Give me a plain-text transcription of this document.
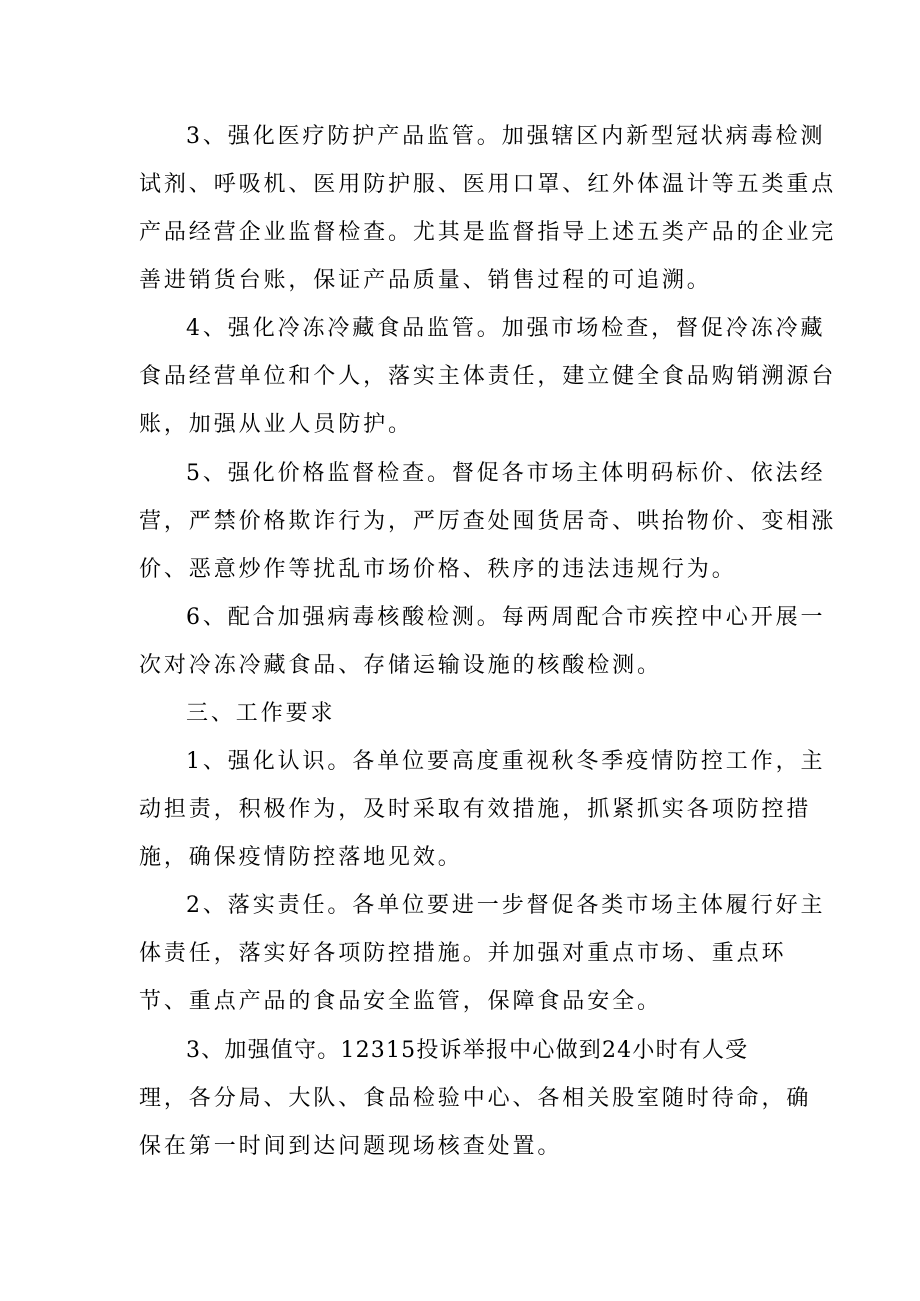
3、强化医疗防护产品监管。加强辖区内新型冠状病毒检测
试剂、呼吸机、医用防护服、医用口罩、红外体温计等五类重点
产品经营企业监督检查。尤其是监督指导上述五类产品的企业完
善进销货台账，保证产品质量、销售过程的可追溯。
4、强化冷冻冷藏食品监管。加强市场检查，督促冷冻冷藏
食品经营单位和个人，落实主体责任，建立健全食品购销溯源台
账，加强从业人员防护。
5、强化价格监督检查。督促各市场主体明码标价、依法经
营，严禁价格欺诈行为，严厉查处囤货居奇、哄抬物价、变相涨
价、恶意炒作等扰乱市场价格、秩序的违法违规行为。
6、配合加强病毒核酸检测。每两周配合市疾控中心开展一
次对冷冻冷藏食品、存储运输设施的核酸检测。
三、工作要求
1、强化认识。各单位要高度重视秋冬季疫情防控工作，主
动担责，积极作为，及时采取有效措施，抓紧抓实各项防控措
施，确保疫情防控落地见效。
2、落实责任。各单位要进一步督促各类市场主体履行好主
体责任，落实好各项防控措施。并加强对重点市场、重点环
节、重点产品的食品安全监管，保障食品安全。
3、加强值守。12315投诉举报中心做到24小时有人受
理，各分局、大队、食品检验中心、各相关股室随时待命，确
保在第一时间到达问题现场核查处置。
